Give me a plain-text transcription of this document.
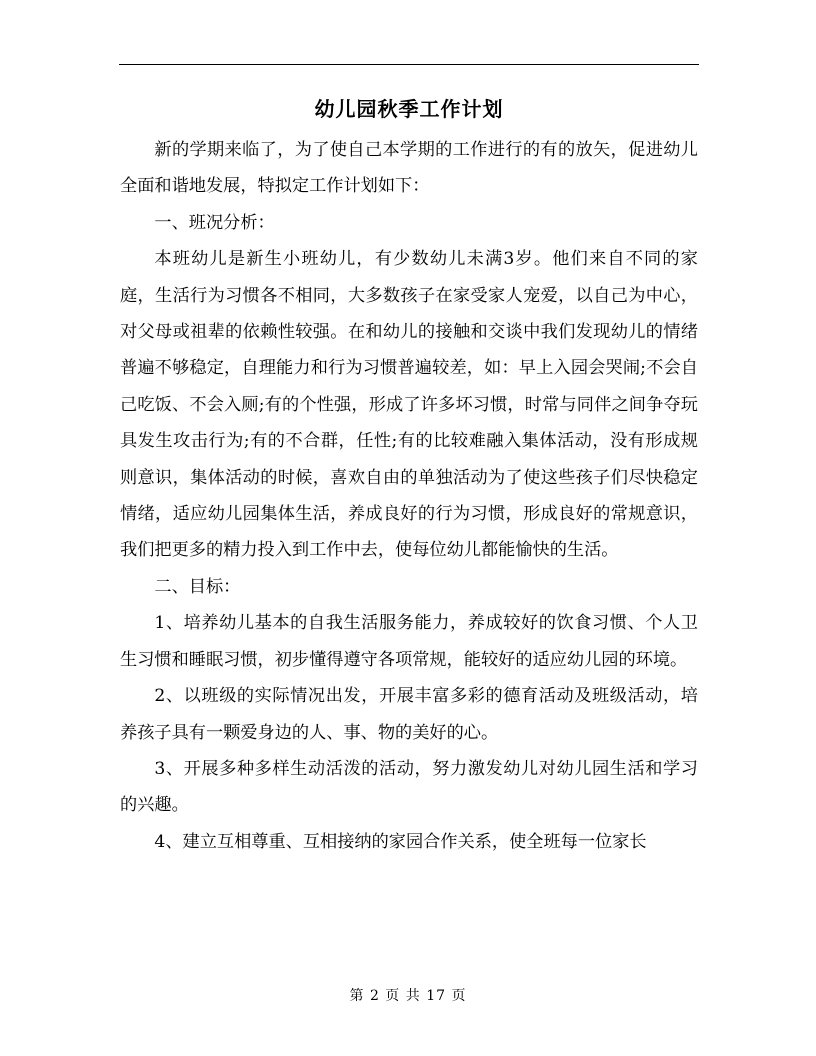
幼儿园秋季工作计划

新的学期来临了，为了使自己本学期的工作进行的有的放矢，促进幼儿全面和谐地发展，特拟定工作计划如下：

一、班况分析：

本班幼儿是新生小班幼儿，有少数幼儿未满3岁。他们来自不同的家庭，生活行为习惯各不相同，大多数孩子在家受家人宠爱，以自己为中心，对父母或祖辈的依赖性较强。在和幼儿的接触和交谈中我们发现幼儿的情绪普遍不够稳定，自理能力和行为习惯普遍较差，如：早上入园会哭闹;不会自己吃饭、不会入厕;有的个性强，形成了许多坏习惯，时常与同伴之间争夺玩具发生攻击行为;有的不合群，任性;有的比较难融入集体活动，没有形成规则意识，集体活动的时候，喜欢自由的单独活动为了使这些孩子们尽快稳定情绪，适应幼儿园集体生活，养成良好的行为习惯，形成良好的常规意识，我们把更多的精力投入到工作中去，使每位幼儿都能愉快的生活。

二、目标：

1、培养幼儿基本的自我生活服务能力，养成较好的饮食习惯、个人卫生习惯和睡眠习惯，初步懂得遵守各项常规，能较好的适应幼儿园的环境。

2、以班级的实际情况出发，开展丰富多彩的德育活动及班级活动，培养孩子具有一颗爱身边的人、事、物的美好的心。

3、开展多种多样生动活泼的活动，努力激发幼儿对幼儿园生活和学习的兴趣。

4、建立互相尊重、互相接纳的家园合作关系，使全班每一位家长

第 2 页 共 17 页
